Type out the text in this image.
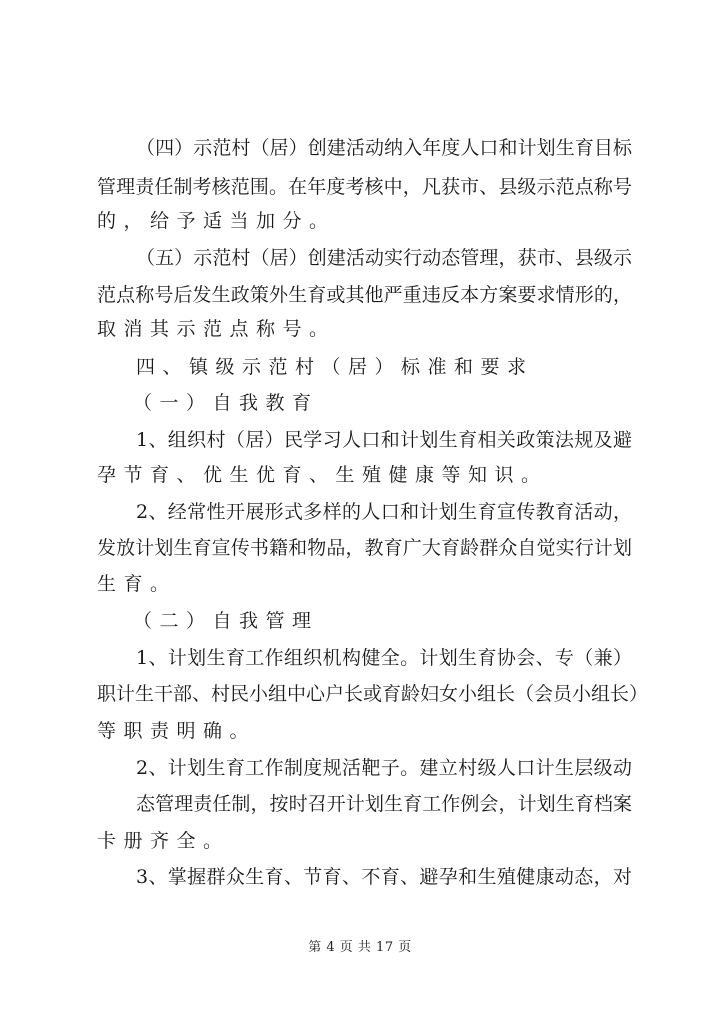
（四）示范村（居）创建活动纳入年度人口和计划生育目标
管理责任制考核范围。在年度考核中，凡获市、县级示范点称号
的，给予适当加分。
（五）示范村（居）创建活动实行动态管理，获市、县级示
范点称号后发生政策外生育或其他严重违反本方案要求情形的，
取消其示范点称号。
四、镇级示范村（居）标准和要求
（一）自我教育
1、组织村（居）民学习人口和计划生育相关政策法规及避
孕节育、优生优育、生殖健康等知识。
2、经常性开展形式多样的人口和计划生育宣传教育活动，
发放计划生育宣传书籍和物品，教育广大育龄群众自觉实行计划
生育。
（二）自我管理
1、计划生育工作组织机构健全。计划生育协会、专（兼）
职计生干部、村民小组中心户长或育龄妇女小组长（会员小组长）
等职责明确。
2、计划生育工作制度规活靶子。建立村级人口计生层级动
态管理责任制，按时召开计划生育工作例会，计划生育档案
卡册齐全。
3、掌握群众生育、节育、不育、避孕和生殖健康动态，对
第 4 页 共 17 页
